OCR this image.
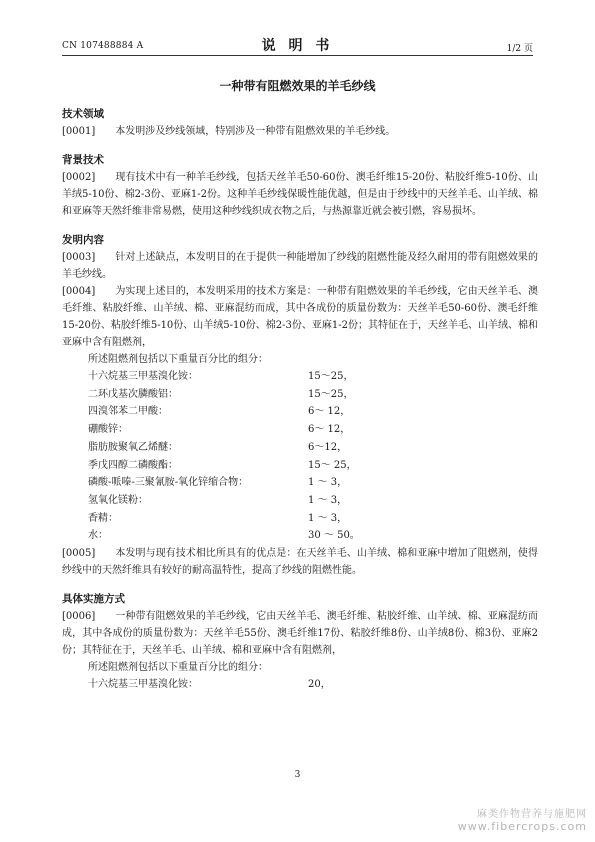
CN 107488884 A	说 明 书	1/2 页
一种带有阻燃效果的羊毛纱线

技术领域

[0001]   本发明涉及纱线领域，特别涉及一种带有阻燃效果的羊毛纱线。

背景技术

[0002]   现有技术中有一种羊毛纱线，包括天丝羊毛50-60份、澳毛纤维15-20份、粘胶纤维5-10份、山羊绒5-10份、棉2-3份、亚麻1-2份。这种羊毛纱线保暖性能优越，但是由于纱线中的天丝羊毛、山羊绒、棉和亚麻等天然纤维非常易燃，使用这种纱线织成衣物之后，与热源靠近就会被引燃，容易损坏。

发明内容

[0003]   针对上述缺点，本发明目的在于提供一种能增加了纱线的阻燃性能及经久耐用的带有阻燃效果的羊毛纱线。

[0004]   为实现上述目的，本发明采用的技术方案是：一种带有阻燃效果的羊毛纱线，它由天丝羊毛、澳毛纤维、粘胶纤维、山羊绒、棉、亚麻混纺而成，其中各成份的质量份数为：天丝羊毛50-60份、澳毛纤维15-20份、粘胶纤维5-10份、山羊绒5-10份、棉2-3份、亚麻1-2份；其特征在于，天丝羊毛、山羊绒、棉和亚麻中含有阻燃剂，

所述阻燃剂包括以下重量百分比的组分：

十六烷基三甲基溴化铵：	15～25，
二环戊基次膦酸铝：	15～25，
四溴邻苯二甲酸：	6～ 12，
硼酸锌：	6～ 12，
脂肪胺聚氧乙烯醚：	6～12，
季戊四醇二磷酸酯：	15～ 25，
磷酸-哌嗪-三聚氰胺-氧化锌缩合物：	1 ～ 3，
氢氧化镁粉：	1 ～ 3，
香精：	1 ～ 3，
水：	30 ～ 50。

[0005]   本发明与现有技术相比所具有的优点是：在天丝羊毛、山羊绒、棉和亚麻中增加了阻燃剂，使得纱线中的天然纤维具有较好的耐高温特性，提高了纱线的阻燃性能。

具体实施方式

[0006]   一种带有阻燃效果的羊毛纱线，它由天丝羊毛、澳毛纤维、粘胶纤维、山羊绒、棉、亚麻混纺而成，其中各成份的质量份数为：天丝羊毛55份、澳毛纤维17份、粘胶纤维8份、山羊绒8份、棉3份、亚麻2份；其特征在于，天丝羊毛、山羊绒、棉和亚麻中含有阻燃剂，

所述阻燃剂包括以下重量百分比的组分：

十六烷基三甲基溴化铵：	20，
3
麻类作物营养与施肥网
www.fibercrops.com
